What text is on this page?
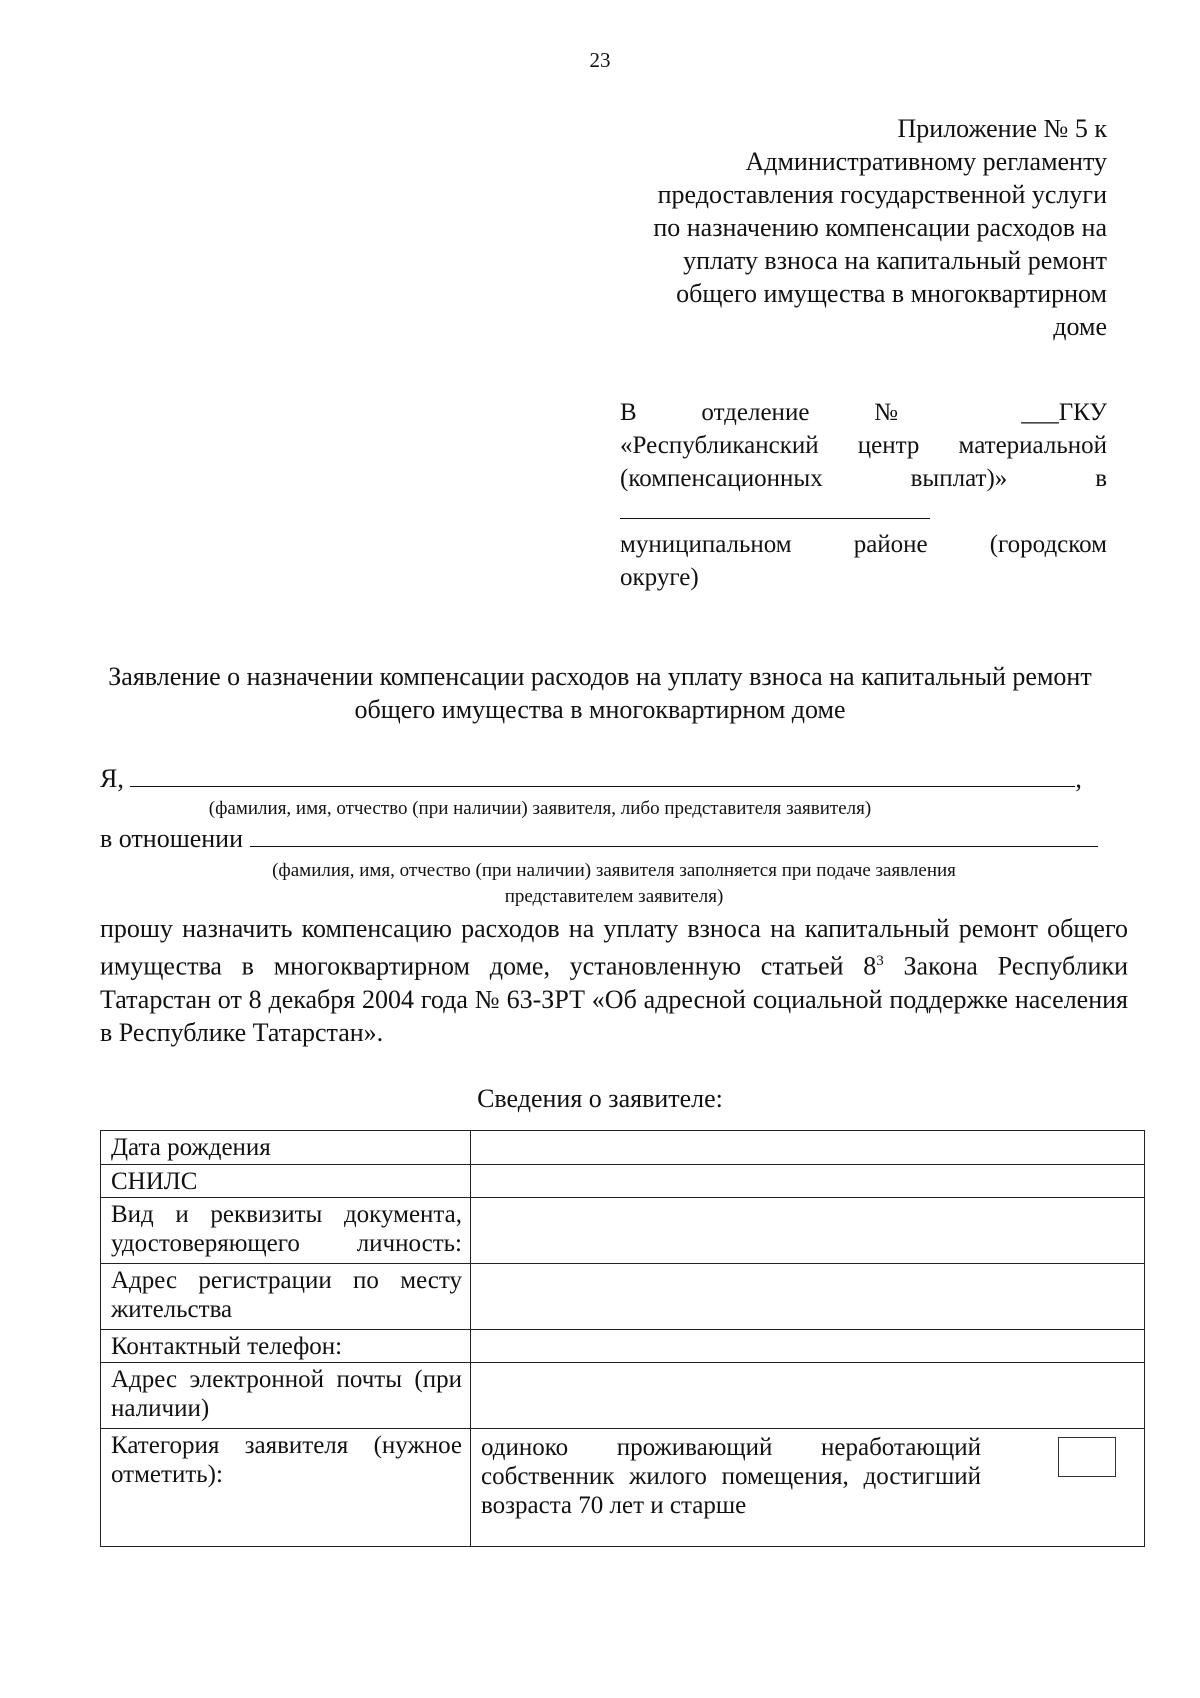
23
Приложение № 5 к
Административному регламенту
предоставления государственной услуги
по назначению компенсации расходов на
уплату взноса на капитальный ремонт
общего имущества в многоквартирном
доме
В	отделение	№	___ГКУ
«Республиканский центр материальной
(компенсационных	выплат)»	в
муниципальном районе (городском
округе)
Заявление о назначении компенсации расходов на уплату взноса на капитальный ремонт общего имущества в многоквартирном доме
Я,	,
(фамилия, имя, отчество (при наличии) заявителя, либо представителя заявителя)
в отношении
(фамилия, имя, отчество (при наличии) заявителя заполняется при подаче заявления
представителем заявителя)
прошу назначить компенсацию расходов на уплату взноса на капитальный ремонт общего имущества в многоквартирном доме, установленную статьей $8^3$ Закона Республики Татарстан от 8 декабря 2004 года № 63-ЗРТ «Об адресной социальной поддержке населения в Республике Татарстан».
Сведения о заявителе:
Дата рождения	
СНИЛС	
Вид и реквизиты документа, удостоверяющего личность:	
Адрес регистрации по месту жительства	
Контактный телефон:	
Адрес электронной почты (при наличии)	
Категория заявителя (нужное отметить):	одиноко проживающий неработающий собственник жилого помещения, достигший возраста 70 лет и старше
